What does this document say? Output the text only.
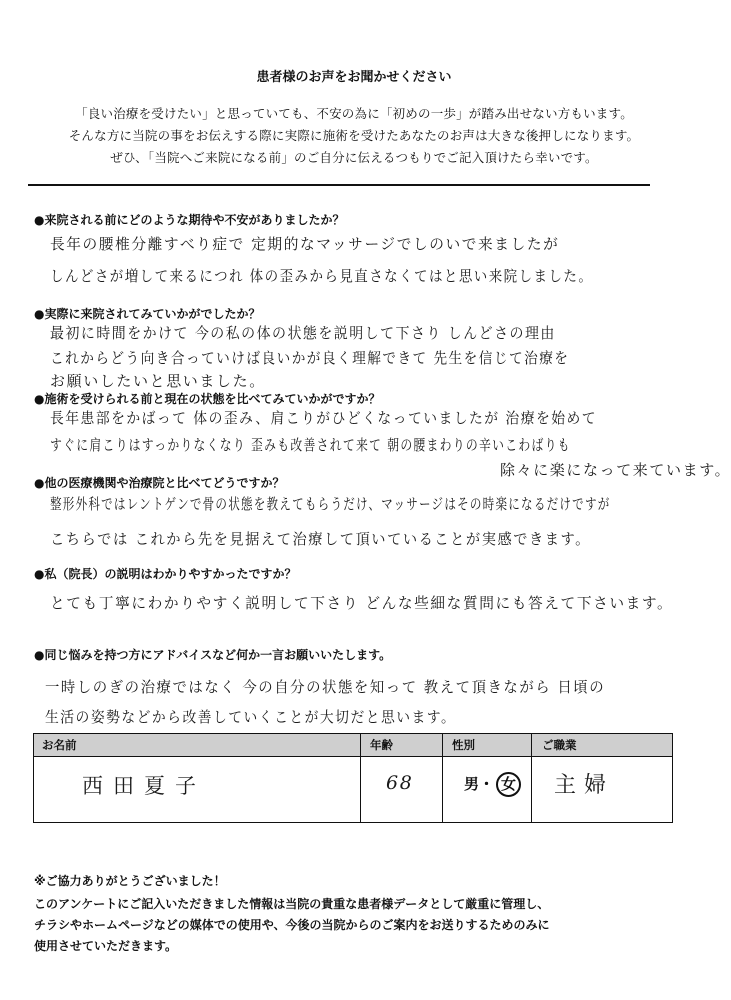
患者様のお声をお聞かせください
「良い治療を受けたい」と思っていても、不安の為に「初めの一歩」が踏み出せない方もいます。
そんな方に当院の事をお伝えする際に実際に施術を受けたあなたのお声は大きな後押しになります。
ぜひ、「当院へご来院になる前」のご自分に伝えるつもりでご記入頂けたら幸いです。
●来院される前にどのような期待や不安がありましたか？
長年の腰椎分離すべり症で 定期的なマッサージでしのいで来ましたが
しんどさが増して来るにつれ 体の歪みから見直さなくてはと思い来院しました。
●実際に来院されてみていかがでしたか？
最初に時間をかけて 今の私の体の状態を説明して下さり しんどさの理由
これからどう向き合っていけば良いかが良く理解できて 先生を信じて治療を
お願いしたいと思いました。
●施術を受けられる前と現在の状態を比べてみていかがですか？
長年患部をかばって 体の歪み、肩こりがひどくなっていましたが 治療を始めて
すぐに肩こりはすっかりなくなり 歪みも改善されて来て 朝の腰まわりの辛いこわばりも
除々に楽になって来ています。
●他の医療機関や治療院と比べてどうですか？
整形外科ではレントゲンで骨の状態を教えてもらうだけ、マッサージはその時楽になるだけですが
こちらでは これから先を見据えて治療して頂いていることが実感できます。
●私（院長）の説明はわかりやすかったですか？
とても丁寧にわかりやすく説明して下さり どんな些細な質問にも答えて下さいます。
●同じ悩みを持つ方にアドバイスなど何か一言お願いいたします。
一時しのぎの治療ではなく 今の自分の状態を知って 教えて頂きながら 日頃の
生活の姿勢などから改善していくことが大切だと思います。
お名前	年齢	性別	ご職業
西田夏子	68	男・ 女 主婦
※ご協力ありがとうございました！
このアンケートにご記入いただきました情報は当院の貴重な患者様データとして厳重に管理し、
チラシやホームページなどの媒体での使用や、今後の当院からのご案内をお送りするためのみに
使用させていただきます。
